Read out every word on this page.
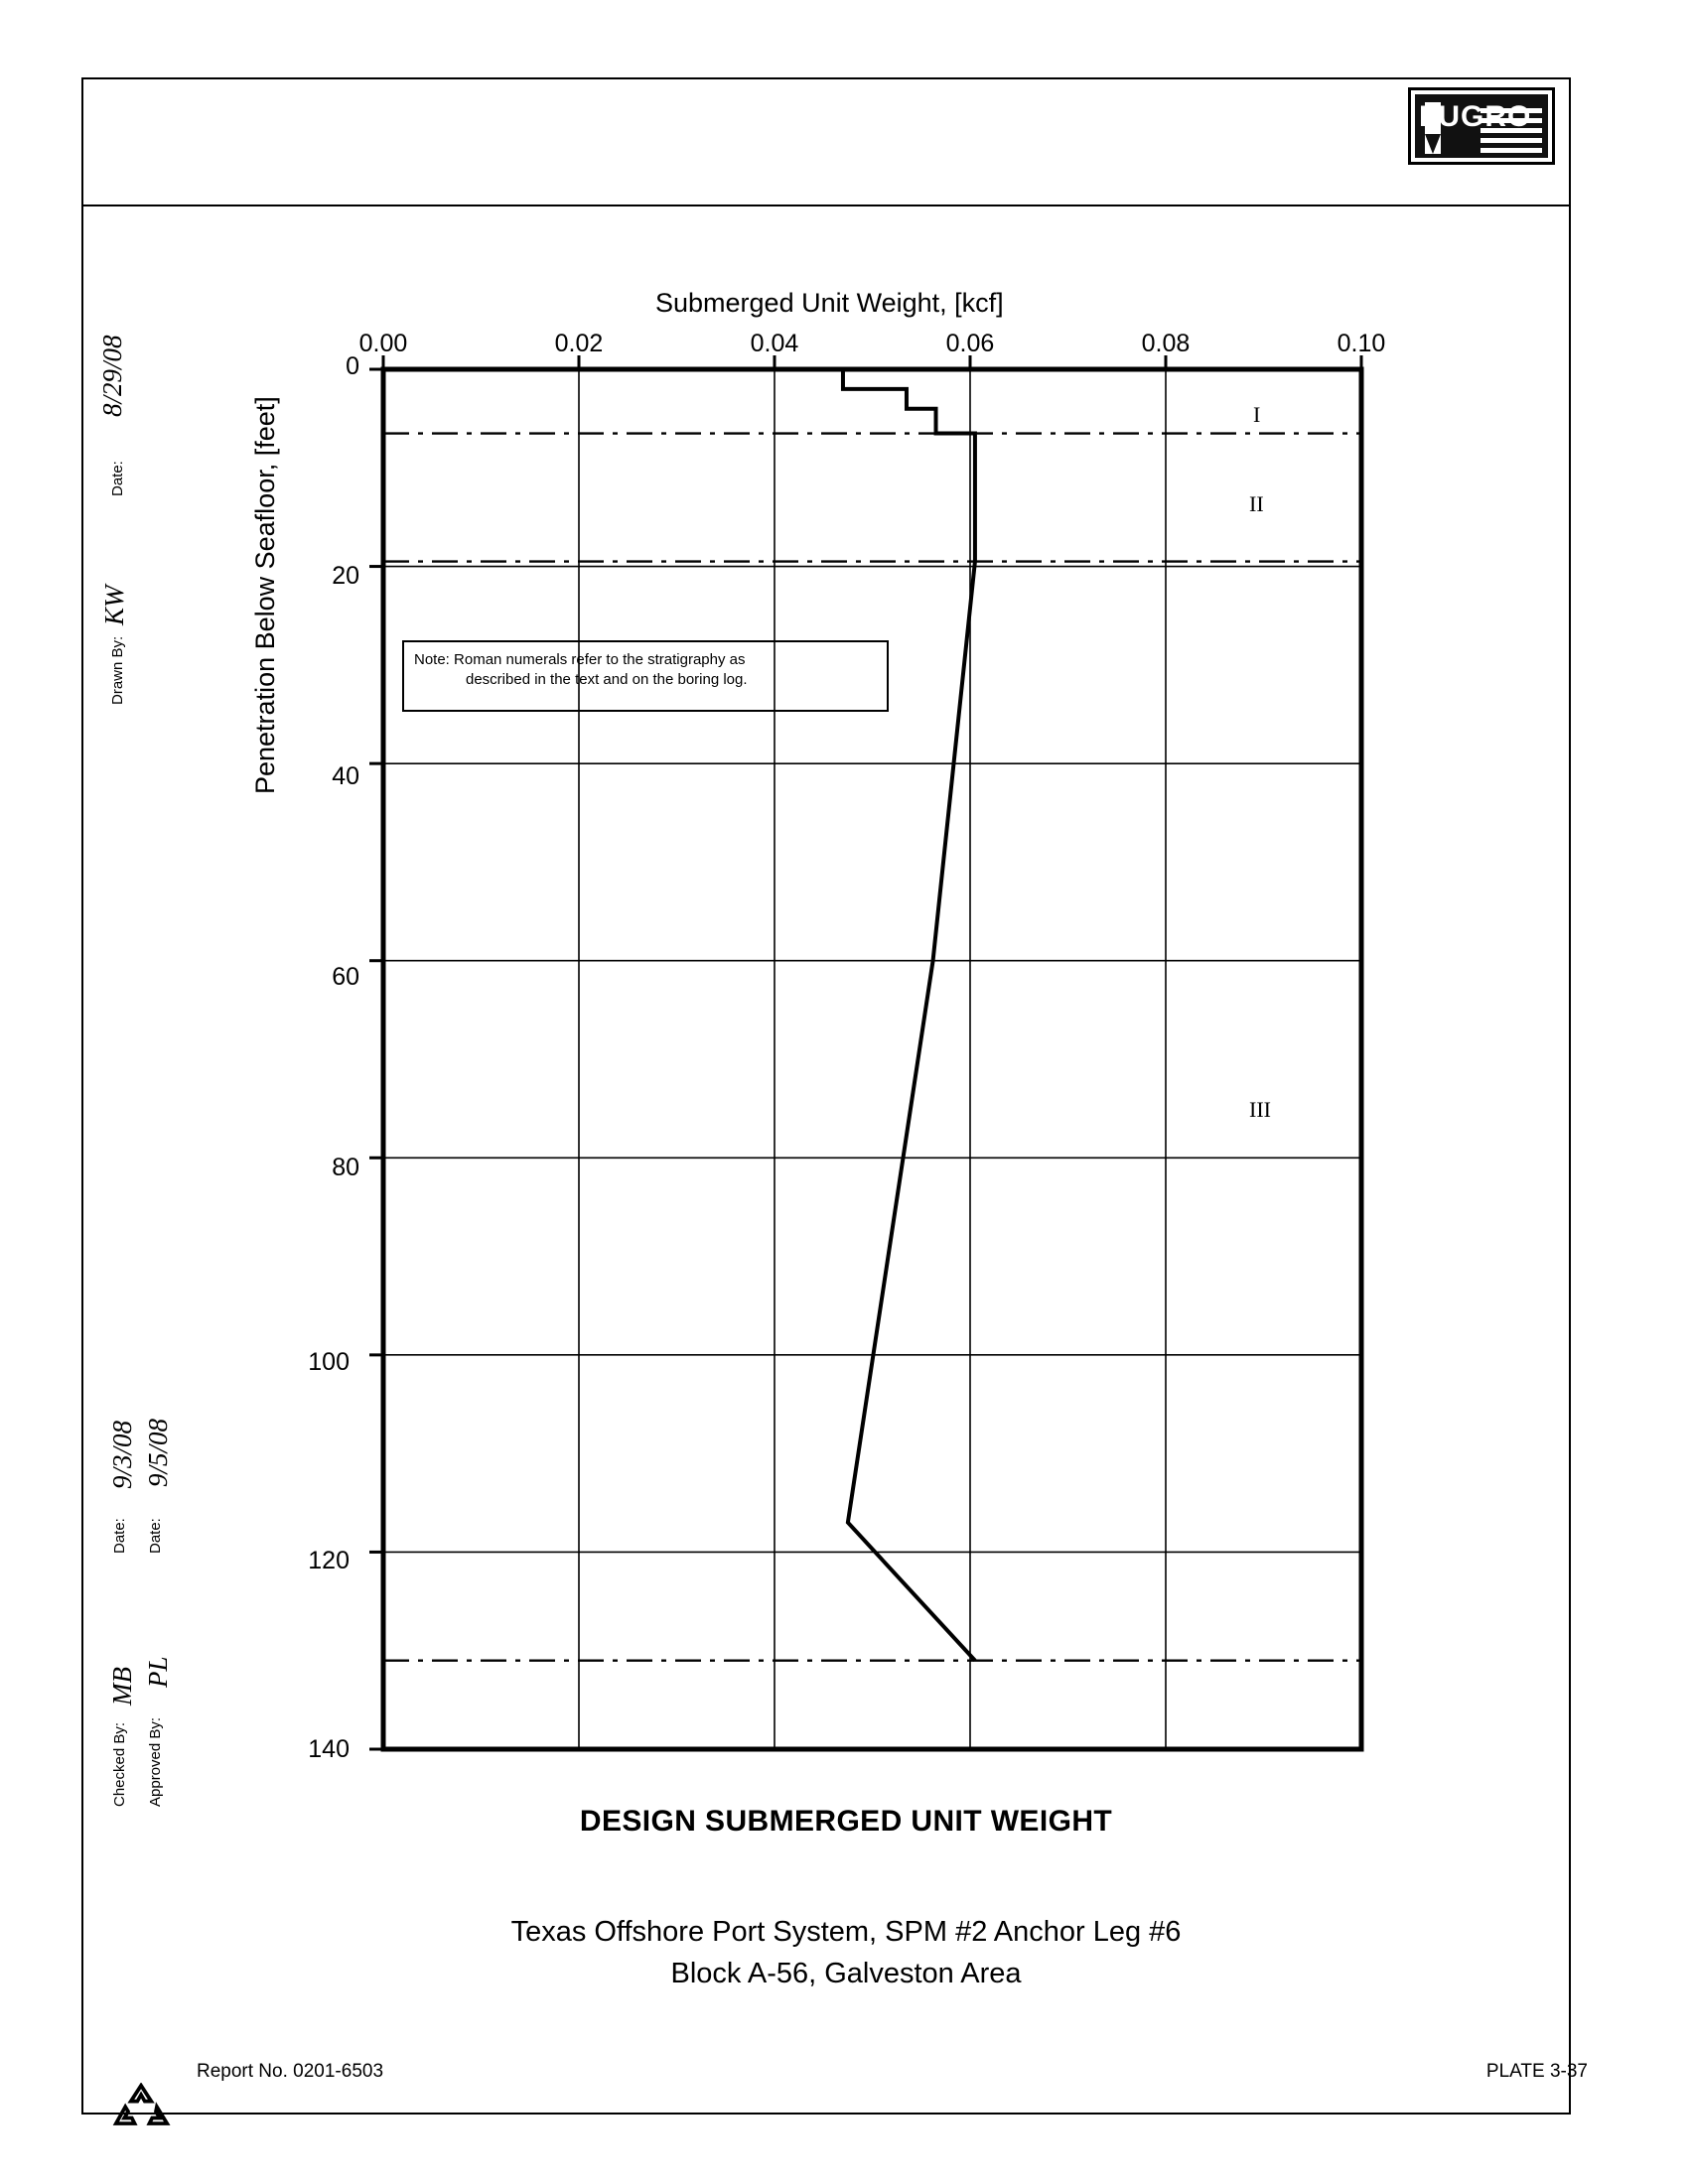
FUGRO
Drawn By:
KW
Date:
8/29/08
Checked By:
MB
Date:
9/3/08
Approved By:
PL
Date:
9/5/08
Submerged Unit Weight, [kcf]
Penetration Below Seafloor, [feet]
0.00	0.02	0.04	0.06	0.08	0.10
0
20
40
60
80
100
120
140
I
II
III
Note: Roman numerals refer to the stratigraphy as
described in the text and on the boring log.
DESIGN SUBMERGED UNIT WEIGHT
Texas Offshore Port System, SPM #2 Anchor Leg #6
Block A-56, Galveston Area
Report No. 0201-6503	PLATE 3-37
